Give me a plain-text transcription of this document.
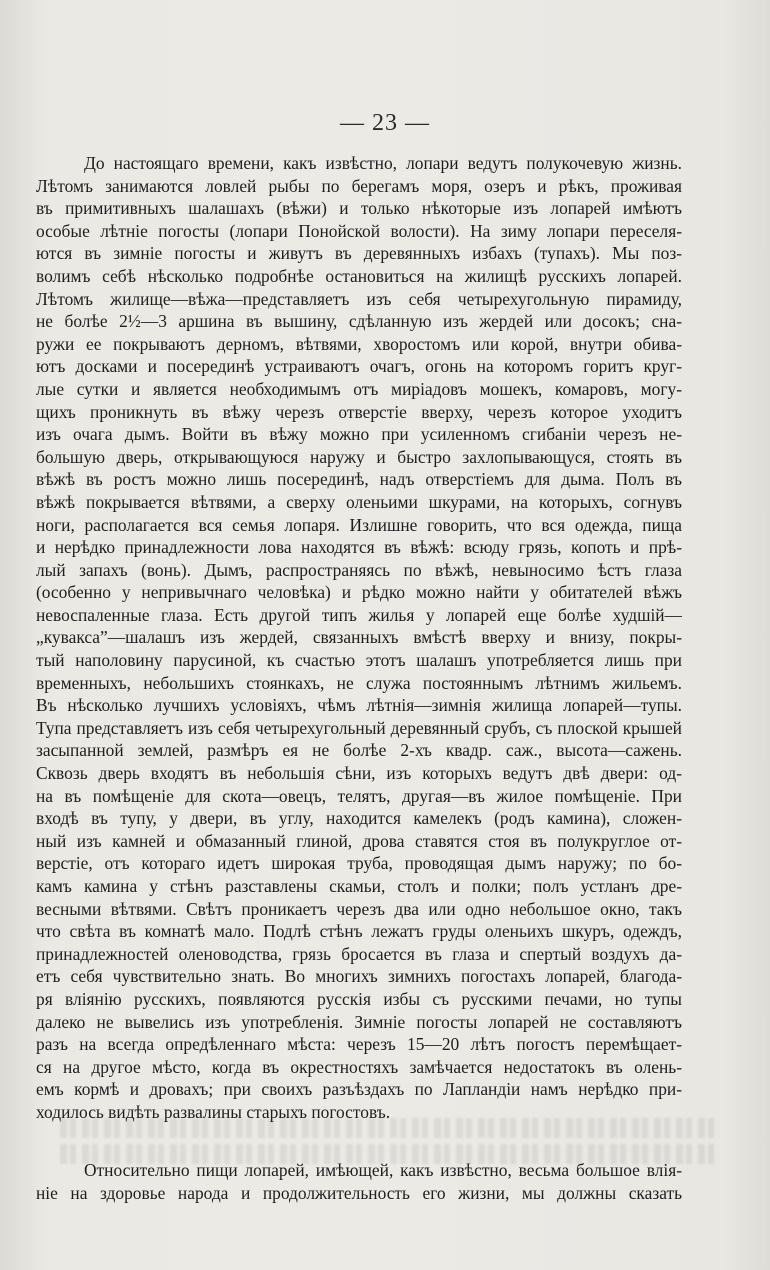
— 23 —
До настоящаго времени, какъ извѣстно, лопари ведутъ полукочевую жизнь.
Лѣтомъ занимаются ловлей рыбы по берегамъ моря, озеръ и рѣкъ, проживая
въ примитивныхъ шалашахъ (вѣжи) и только нѣкоторые изъ лопарей имѣютъ
особые лѣтніе погосты (лопари Понойской волости). На зиму лопари переселя-
ются въ зимніе погосты и живутъ въ деревянныхъ избахъ (тупахъ). Мы поз-
волимъ себѣ нѣсколько подробнѣе остановиться на жилищѣ русскихъ лопарей.
Лѣтомъ жилище—вѣжа—представляетъ изъ себя четырехугольную пирамиду,
не болѣе 2½—3 аршина въ вышину, сдѣланную изъ жердей или досокъ; сна-
ружи ее покрываютъ дерномъ, вѣтвями, хворостомъ или корой, внутри обива-
ютъ досками и посерединѣ устраиваютъ очагъ, огонь на которомъ горитъ круг-
лые сутки и является необходимымъ отъ миріадовъ мошекъ, комаровъ, могу-
щихъ проникнуть въ вѣжу черезъ отверстіе вверху, черезъ которое уходитъ
изъ очага дымъ. Войти въ вѣжу можно при усиленномъ сгибаніи черезъ не-
большую дверь, открывающуюся наружу и быстро захлопывающуся, стоять въ
вѣжѣ въ ростъ можно лишь посерединѣ, надъ отверстіемъ для дыма. Полъ въ
вѣжѣ покрывается вѣтвями, а сверху оленьими шкурами, на которыхъ, согнувъ
ноги, располагается вся семья лопаря. Излишне говорить, что вся одежда, пища
и нерѣдко принадлежности лова находятся въ вѣжѣ: всюду грязь, копоть и прѣ-
лый запахъ (вонь). Дымъ, распространяясь по вѣжѣ, невыносимо ѣстъ глаза
(особенно у непривычнаго человѣка) и рѣдко можно найти у обитателей вѣжъ
невоспаленные глаза. Есть другой типъ жилья у лопарей еще болѣе худшій—
„куваксаˮ—шалашъ изъ жердей, связанныхъ вмѣстѣ вверху и внизу, покры-
тый наполовину парусиной, къ счастью этотъ шалашъ употребляется лишь при
временныхъ, небольшихъ стоянкахъ, не служа постояннымъ лѣтнимъ жильемъ.
Въ нѣсколько лучшихъ условіяхъ, чѣмъ лѣтнія—зимнія жилища лопарей—тупы.
Тупа представляетъ изъ себя четырехугольный деревянный срубъ, съ плоской крышей
засыпанной землей, размѣръ ея не болѣе 2-хъ квадр. саж., высота—сажень.
Сквозь дверь входятъ въ небольшія сѣни, изъ которыхъ ведутъ двѣ двери: од-
на въ помѣщеніе для скота—овецъ, телятъ, другая—въ жилое помѣщеніе. При
входѣ въ тупу, у двери, въ углу, находится камелекъ (родъ камина), сложен-
ный изъ камней и обмазанный глиной, дрова ставятся стоя въ полукруглое от-
верстіе, отъ котораго идетъ широкая труба, проводящая дымъ наружу; по бо-
камъ камина у стѣнъ разставлены скамьи, столъ и полки; полъ устланъ дре-
весными вѣтвями. Свѣтъ проникаетъ черезъ два или одно небольшое окно, такъ
что свѣта въ комнатѣ мало. Подлѣ стѣнъ лежатъ груды оленьихъ шкуръ, одеждъ,
принадлежностей оленоводства, грязь бросается въ глаза и спертый воздухъ да-
етъ себя чувствительно знать. Во многихъ зимнихъ погостахъ лопарей, благода-
ря вліянію русскихъ, появляются русскія избы съ русскими печами, но тупы
далеко не вывелись изъ употребленія. Зимніе погосты лопарей не составляютъ
разъ на всегда опредѣленнаго мѣста: черезъ 15—20 лѣтъ погостъ перемѣщает-
ся на другое мѣсто, когда въ окрестностяхъ замѣчается недостатокъ въ олень-
емъ кормѣ и дровахъ; при своихъ разъѣздахъ по Лапландіи намъ нерѣдко при-
ходилось видѣть развалины старыхъ погостовъ.
Относительно пищи лопарей, имѣющей, какъ извѣстно, весьма большое влія-
ніе на здоровье народа и продолжительность его жизни, мы должны сказать
